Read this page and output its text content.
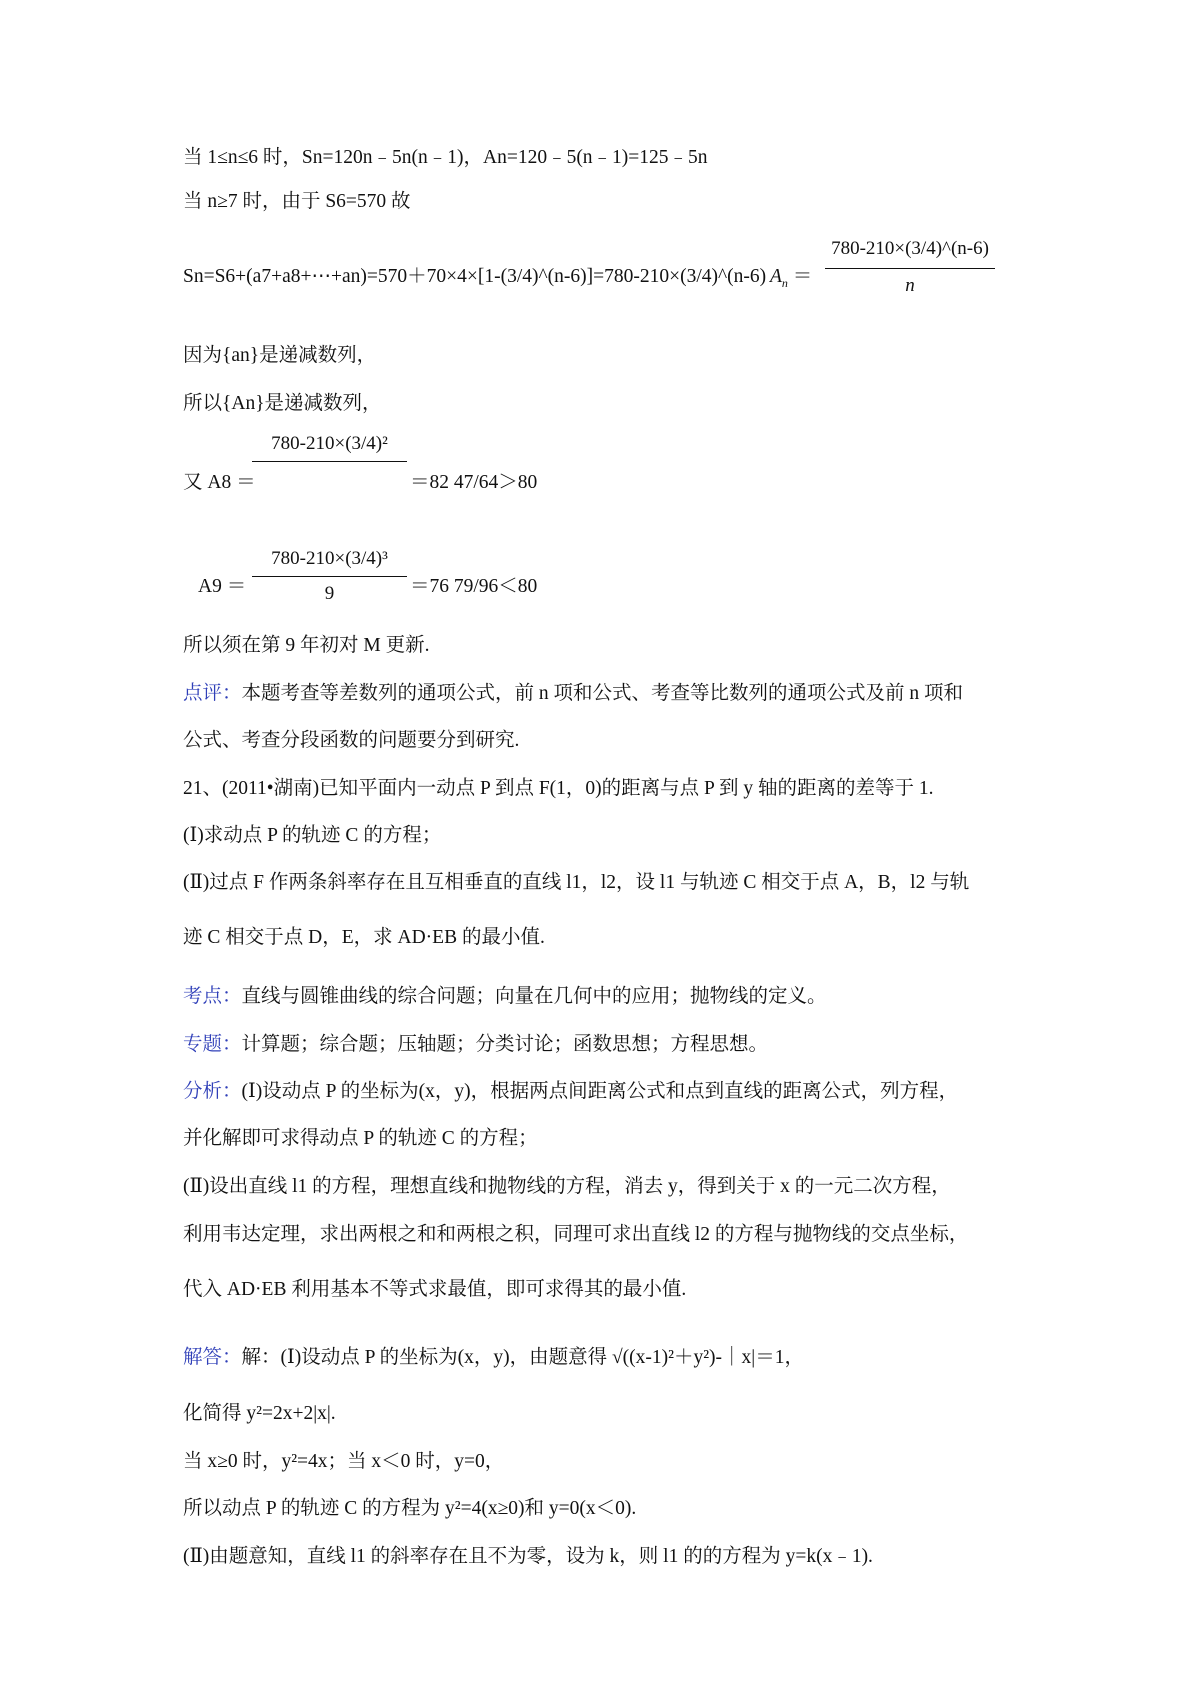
当 1≤n≤6 时，Sn=120n﹣5n(n﹣1)，An=120﹣5(n﹣1)=125﹣5n
当 n≥7 时，由于 S6=570 故
Sn=S6+(a7+a8+⋯+an)=570＋70×4×[1‑(3/4)^(n‑6)]=780‑210×(3/4)^(n‑6) $A_n = \frac{780‑210\times(3/4)\^{}(n‑6)}{n}$
因为{an}是递减数列，
所以{An}是递减数列，
又 A8 ＝
780‑210×(3/4)²
＝82 47/64＞80
$A9 = \frac{\text{780‑210×(3/4)³}}{9} =76$ 79/96＜80
所以须在第 9 年初对 M 更新.
点评：本题考查等差数列的通项公式，前 n 项和公式、考查等比数列的通项公式及前 n 项和
公式、考查分段函数的问题要分到研究.
21、(2011•湖南)已知平面内一动点 P 到点 F(1，0)的距离与点 P 到 y 轴的距离的差等于 1.
(Ⅰ)求动点 P 的轨迹 C 的方程；
(Ⅱ)过点 F 作两条斜率存在且互相垂直的直线 l1，l2，设 l1 与轨迹 C 相交于点 A，B，l2 与轨
迹 C 相交于点 D，E，求 AD·EB 的最小值.
考点：直线与圆锥曲线的综合问题；向量在几何中的应用；抛物线的定义。
专题：计算题；综合题；压轴题；分类讨论；函数思想；方程思想。
分析：(Ⅰ)设动点 P 的坐标为(x，y)，根据两点间距离公式和点到直线的距离公式，列方程，
并化解即可求得动点 P 的轨迹 C 的方程；
(Ⅱ)设出直线 l1 的方程，理想直线和抛物线的方程，消去 y，得到关于 x 的一元二次方程，
利用韦达定理，求出两根之和和两根之积，同理可求出直线 l2 的方程与抛物线的交点坐标，
代入 AD·EB 利用基本不等式求最值，即可求得其的最小值.
解答：解：(Ⅰ)设动点 P 的坐标为(x，y)，由题意得 √((x‑1)²＋y²)‑｜x|＝1，
化简得 y²=2x+2|x|.
当 x≥0 时，y²=4x；当 x＜0 时，y=0，
所以动点 P 的轨迹 C 的方程为 y²=4(x≥0)和 y=0(x＜0).
(Ⅱ)由题意知，直线 l1 的斜率存在且不为零，设为 k，则 l1 的的方程为 y=k(x﹣1).
